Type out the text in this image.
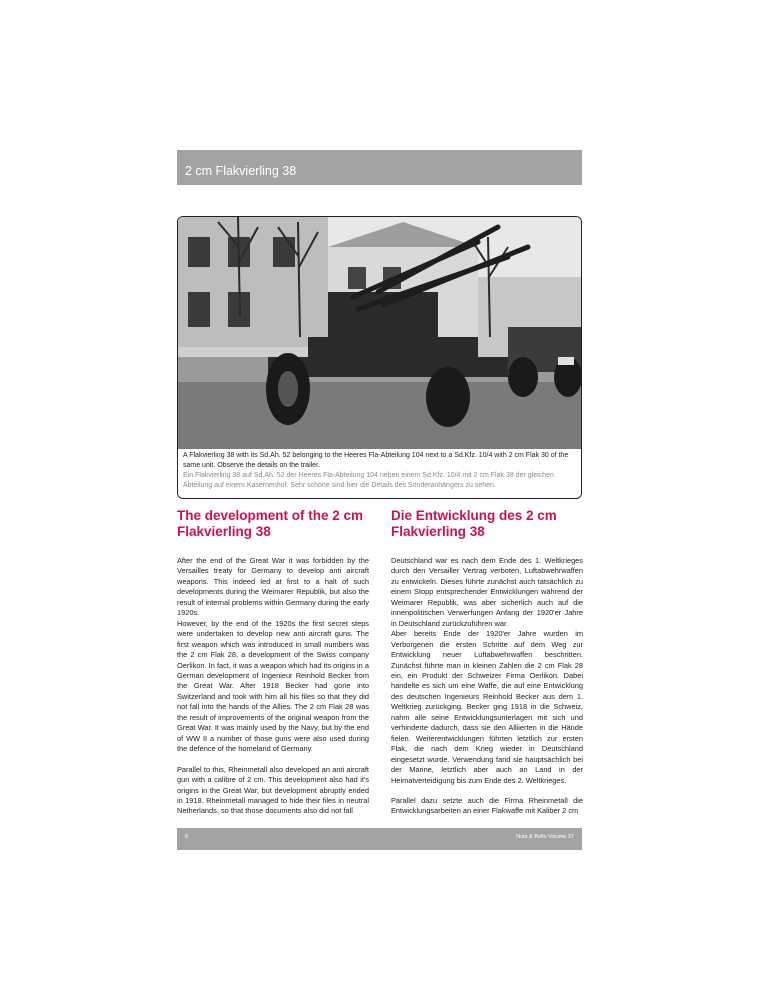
2 cm Flakvierling 38
A Flakvierling 38 with its Sd.Ah. 52 belonging to the Heeres Fla-Abteilung 104 next to a Sd.Kfz. 10/4 with 2 cm Flak 30 of the same unit. Observe the details on the trailer.
Ein Flakvierling 38 auf Sd.Ah. 52 der Heeres Fla-Abteilung 104 neben einem Sd.Kfz. 10/4 mit 2 cm Flak 38 der gleichen Abteilung auf einem Kasernenhof. Sehr schöne sind hier die Details des Sonderanhängers zu sehen.
The development of the 2 cm Flakvierling 38

After the end of the Great War it was forbidden by the Versailles treaty for Germany to develop anti aircraft weapons. This indeed led at first to a halt of such developments during the Weimarer Republik, but also the result of internal problems within Germany during the early 1920s.

However, by the end of the 1920s the first secret steps were undertaken to develop new anti aircraft guns. The first weapon which was introduced in small numbers was the 2 cm Flak 28, a development of the Swiss company Oerlikon. In fact, it was a weapon which had its origins in a German development of Ingenieur Reinhold Becker from the Great War. After 1918 Becker had gone into Switzerland and took with him all his files so that they did not fall into the hands of the Allies. The 2 cm Flak 28 was the result of improvements of the original weapon from the Great War. It was mainly used by the Navy, but by the end of WW II a number of those guns were also used during the defence of the homeland of Germany.

Parallel to this, Rheinmetall also developed an anti aircraft gun with a calibre of 2 cm. This development also had it's origins in the Great War, but development abruptly ended in 1918. Rheinmetall managed to hide their files in neutral Netherlands, so that those documents also did not fall

Die Entwicklung des 2 cm Flakvierling 38

Deutschland war es nach dem Ende des 1. Weltkrieges durch den Versailler Vertrag verboten, Luftabwehrwaffen zu entwickeln. Dieses führte zunächst auch tatsächlich zu einem Stopp entsprechender Entwicklungen während der Weimarer Republik, was aber sicherlich auch auf die innenpolitischen Verwerfungen Anfang der 1920'er Jahre in Deutschland zurückzuführen war.

Aber bereits Ende der 1920'er Jahre wurden im Verborgenen die ersten Schritte auf dem Weg zur Entwicklung neuer Luftabwehrwaffen beschritten. Zunächst führte man in kleinen Zahlen die 2 cm Flak 28 ein, ein Produkt der Schweizer Firma Oerlikon. Dabei handelte es sich um eine Waffe, die auf eine Entwicklung des deutschen Ingenieurs Reinhold Becker aus dem 1. Weltkrieg zurückging. Becker ging 1918 in die Schweiz, nahm alle seine Entwicklungsunterlagen mit sich und verhinderte dadurch, dass sie den Alliierten in die Hände fielen. Weiterentwicklungen führten letztlich zur ersten Flak, die nach dem Krieg wieder in Deutschland eingesetzt wurde. Verwendung fand sie hauptsächlich bei der Marine, letztlich aber auch an Land in der Heimatverteidigung bis zum Ende des 2. Weltkrieges.

Parallel dazu setzte auch die Firma Rheinmetall die Entwicklungsarbeiten an einer Flakwaffe mit Kaliber 2 cm

6	Nuts & Bolts Volume 37
